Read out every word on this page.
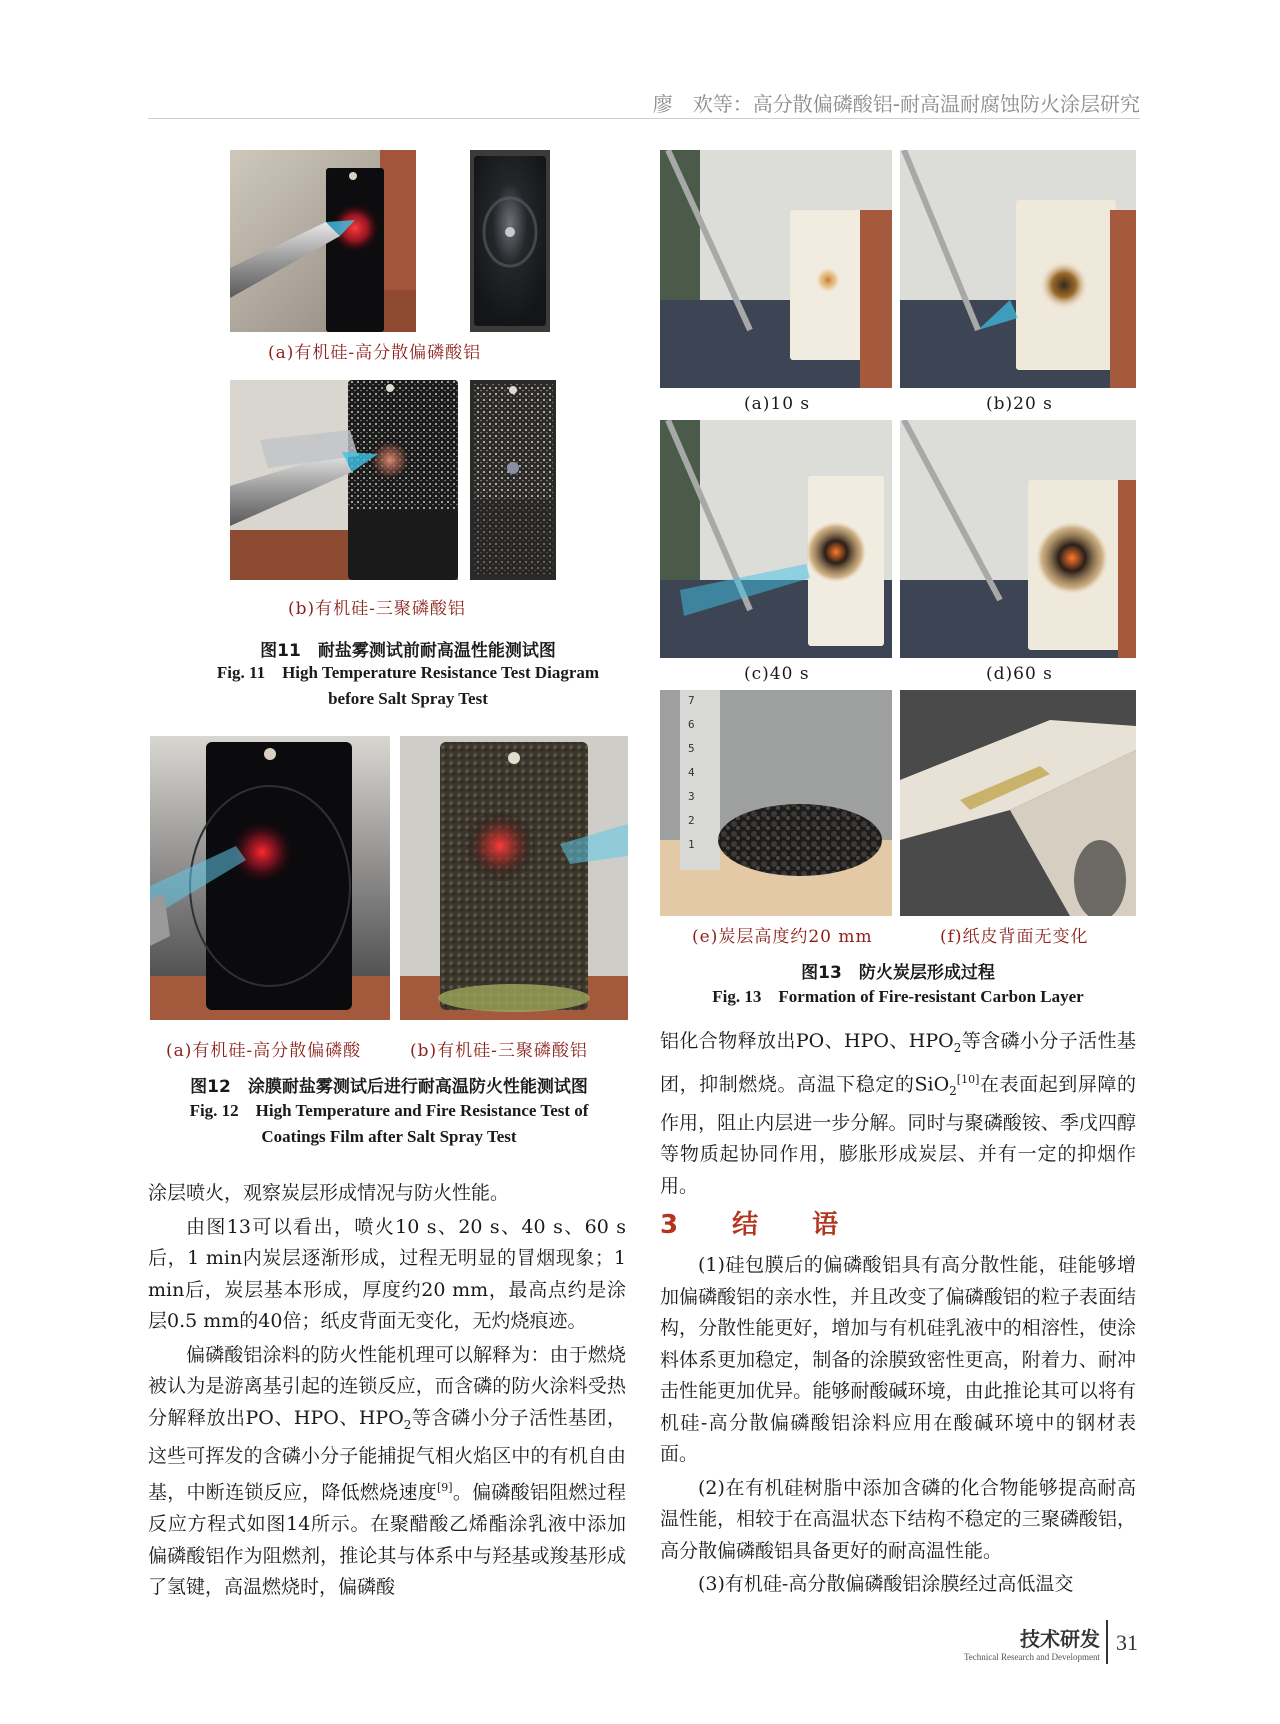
廖　欢等：高分散偏磷酸铝-耐高温耐腐蚀防火涂层研究
(a)有机硅-高分散偏磷酸铝
(b)有机硅-三聚磷酸铝
图11　耐盐雾测试前耐高温性能测试图
Fig. 11　High Temperature Resistance Test Diagram
before Salt Spray Test
(a)有机硅-高分散偏磷酸	(b)有机硅-三聚磷酸铝
图12　涂膜耐盐雾测试后进行耐高温防火性能测试图
Fig. 12　High Temperature and Fire Resistance Test of
Coatings Film after Salt Spray Test
(a)10 s	(b)20 s
(c)40 s	(d)60 s
7
6
5
4
3
2
1
(e)炭层高度约20 mm	(f)纸皮背面无变化
图13　防火炭层形成过程
Fig. 13　Formation of Fire-resistant Carbon Layer

涂层喷火，观察炭层形成情况与防火性能。

由图13可以看出，喷火10 s、20 s、40 s、60 s后，1 min内炭层逐渐形成，过程无明显的冒烟现象；1 min后，炭层基本形成，厚度约20 mm，最高点约是涂层0.5 mm的40倍；纸皮背面无变化，无灼烧痕迹。

偏磷酸铝涂料的防火性能机理可以解释为：由于燃烧被认为是游离基引起的连锁反应，而含磷的防火涂料受热分解释放出PO、HPO、$HPO_2$等含磷小分子活性基团，这些可挥发的含磷小分子能捕捉气相火焰区中的有机自由基，中断连锁反应，降低燃烧速度[9]。偏磷酸铝阻燃过程反应方程式如图14所示。在聚醋酸乙烯酯涂乳液中添加偏磷酸铝作为阻燃剂，推论其与体系中与羟基或羧基形成了氢键，高温燃烧时，偏磷酸

铝化合物释放出PO、HPO、$HPO_2$等含磷小分子活性基团，抑制燃烧。高温下稳定的SiO$_2$[10]在表面起到屏障的作用，阻止内层进一步分解。同时与聚磷酸铵、季戊四醇等物质起协同作用，膨胀形成炭层、并有一定的抑烟作用。

3　结　语

(1)硅包膜后的偏磷酸铝具有高分散性能，硅能够增加偏磷酸铝的亲水性，并且改变了偏磷酸铝的粒子表面结构，分散性能更好，增加与有机硅乳液中的相溶性，使涂料体系更加稳定，制备的涂膜致密性更高，附着力、耐冲击性能更加优异。能够耐酸碱环境，由此推论其可以将有机硅-高分散偏磷酸铝涂料应用在酸碱环境中的钢材表面。

(2)在有机硅树脂中添加含磷的化合物能够提高耐高温性能，相较于在高温状态下结构不稳定的三聚磷酸铝，高分散偏磷酸铝具备更好的耐高温性能。

(3)有机硅-高分散偏磷酸铝涂膜经过高低温交

技术研发
Technical Research and Development
31
